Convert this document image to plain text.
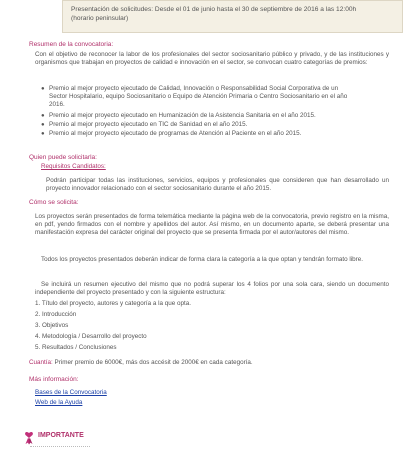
Presentación de solicitudes: Desde el 01 de junio hasta el 30 de septiembre de 2016 a las 12:00h
(horario peninsular)
Resumen de la convocatoria:
Con el objetivo de reconocer la labor de los profesionales del sector sociosanitario público y privado, y de las instituciones y organismos que trabajan en proyectos de calidad e innovación en el sector, se convocan cuatro categorías de premios:
● Premio al mejor proyecto ejecutado de Calidad, Innovación o Responsabilidad Social Corporativa de un
Sector Hospitalario, equipo Sociosanitario o Equipo de Atención Primaria o Centro Sociosanitario en el año
2016.
● Premio al mejor proyecto ejecutado en Humanización de la Asistencia Sanitaria en el año 2015.
● Premio al mejor proyecto ejecutado en TIC de Sanidad en el año 2015.
● Premio al mejor proyecto ejecutado de programas de Atención al Paciente en el año 2015.
Quien puede solicitarla:
Requisitos Candidatos:
Podrán participar todas las instituciones, servicios, equipos y profesionales que consideren que han desarrollado un proyecto innovador relacionado con el sector sociosanitario durante el año 2015.
Cómo se solicita:
Los proyectos serán presentados de forma telemática mediante la página web de la convocatoria, previo registro en la misma, en pdf, yendo firmados con el nombre y apellidos del autor. Así mismo, en un documento aparte, se deberá presentar una manifestación expresa del carácter original del proyecto que se presenta firmada por el autor/autores del mismo.
Todos los proyectos presentados deberán indicar de forma clara la categoría a la que optan y tendrán formato libre.
Se incluirá un resumen ejecutivo del mismo que no podrá superar los 4 folios por una sola cara, siendo un documento independiente del proyecto presentado y con la siguiente estructura:
1. Título del proyecto, autores y categoría a la que opta.
2. Introducción
3. Objetivos
4. Metodología / Desarrollo del proyecto
5. Resultados / Conclusiones
Cuantía: Primer premio de 6000€, más dos accésit de 2000€ en cada categoría.
Más información:
Bases de la Convocatoria
Web de la Ayuda
IMPORTANTE
